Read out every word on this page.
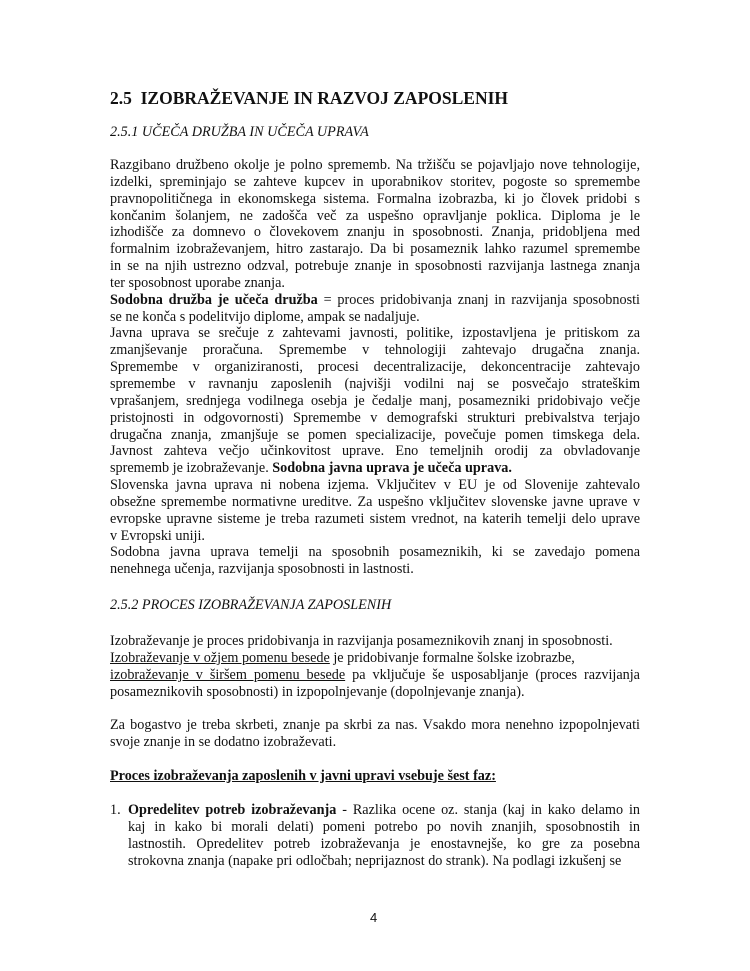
2.5  IZOBRAŽEVANJE IN RAZVOJ ZAPOSLENIH
2.5.1 UČEČA DRUŽBA IN UČEČA UPRAVA
Razgibano družbeno okolje je polno sprememb. Na tržišču se pojavljajo nove tehnologije,
izdelki, spreminjajo se zahteve kupcev in uporabnikov storitev, pogoste so spremembe
pravnopolitičnega in ekonomskega sistema. Formalna izobrazba, ki jo človek pridobi s
končanim šolanjem, ne zadošča več za uspešno opravljanje poklica. Diploma je le
izhodišče za domnevo o človekovem znanju in sposobnosti. Znanja, pridobljena med
formalnim izobraževanjem, hitro zastarajo. Da bi posameznik lahko razumel spremembe
in se na njih ustrezno odzval, potrebuje znanje in sposobnosti razvijanja lastnega znanja
ter sposobnost uporabe znanja.
Sodobna družba je učeča družba = proces pridobivanja znanj in razvijanja sposobnosti
se ne konča s podelitvijo diplome, ampak se nadaljuje.
Javna uprava se srečuje z zahtevami javnosti, politike, izpostavljena je pritiskom za
zmanjševanje proračuna. Spremembe v tehnologiji zahtevajo drugačna znanja.
Spremembe v organiziranosti, procesi decentralizacije, dekoncentracije zahtevajo
spremembe v ravnanju zaposlenih (najvišji vodilni naj se posvečajo strateškim
vprašanjem, srednjega vodilnega osebja je čedalje manj, posamezniki pridobivajo večje
pristojnosti in odgovornosti) Spremembe v demografski strukturi prebivalstva terjajo
drugačna znanja, zmanjšuje se pomen specializacije, povečuje pomen timskega dela.
Javnost zahteva večjo učinkovitost uprave. Eno temeljnih orodij za obvladovanje
sprememb je izobraževanje. Sodobna javna uprava je učeča uprava.
Slovenska javna uprava ni nobena izjema. Vključitev v EU je od Slovenije zahtevalo
obsežne spremembe normativne ureditve. Za uspešno vključitev slovenske javne uprave v
evropske upravne sisteme je treba razumeti sistem vrednot, na katerih temelji delo uprave
v Evropski uniji.
Sodobna javna uprava temelji na sposobnih posameznikih, ki se zavedajo pomena
nenehnega učenja, razvijanja sposobnosti in lastnosti.
2.5.2 PROCES IZOBRAŽEVANJA ZAPOSLENIH
Izobraževanje je proces pridobivanja in razvijanja posameznikovih znanj in sposobnosti.
Izobraževanje v ožjem pomenu besede je pridobivanje formalne šolske izobrazbe,
izobraževanje v širšem pomenu besede pa vključuje še usposabljanje (proces razvijanja
posameznikovih sposobnosti) in izpopolnjevanje (dopolnjevanje znanja).
Za bogastvo je treba skrbeti, znanje pa skrbi za nas. Vsakdo mora nenehno izpopolnjevati
svoje znanje in se dodatno izobraževati.
Proces izobraževanja zaposlenih v javni upravi vsebuje šest faz:
1. Opredelitev potreb izobraževanja - Razlika ocene oz. stanja (kaj in kako delamo in
kaj in kako bi morali delati) pomeni potrebo po novih znanjih, sposobnostih in
lastnostih. Opredelitev potreb izobraževanja je enostavnejše, ko gre za posebna
strokovna znanja (napake pri odločbah; neprijaznost do strank). Na podlagi izkušenj se
4
